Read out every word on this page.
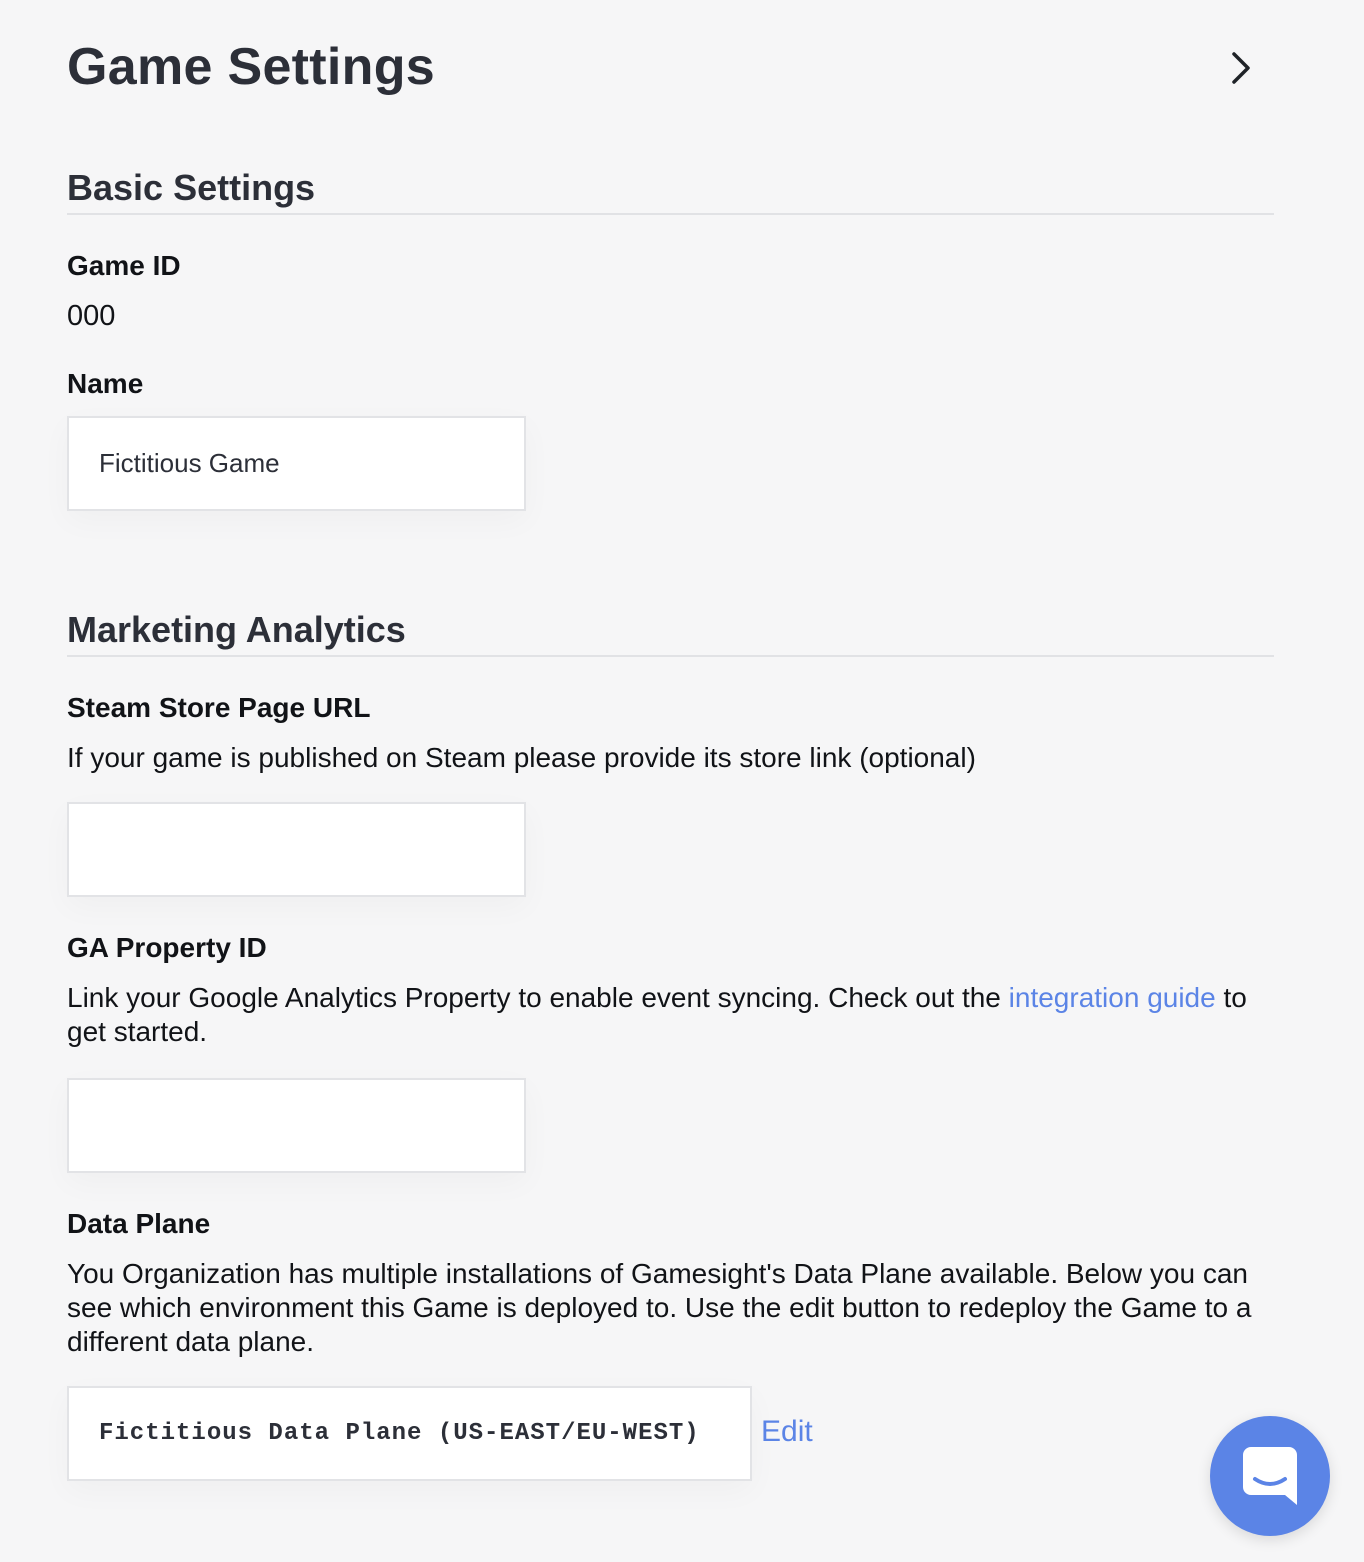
Game Settings
Basic Settings
Game ID
000
Name
Fictitious Game
Marketing Analytics
Steam Store Page URL
If your game is published on Steam please provide its store link (optional)
GA Property ID
Link your Google Analytics Property to enable event syncing. Check out the integration guide to get started.
Data Plane
You Organization has multiple installations of Gamesight's Data Plane available. Below you can see which environment this Game is deployed to. Use the edit button to redeploy the Game to a different data plane.
Fictitious Data Plane (US-EAST/EU-WEST)	Edit
